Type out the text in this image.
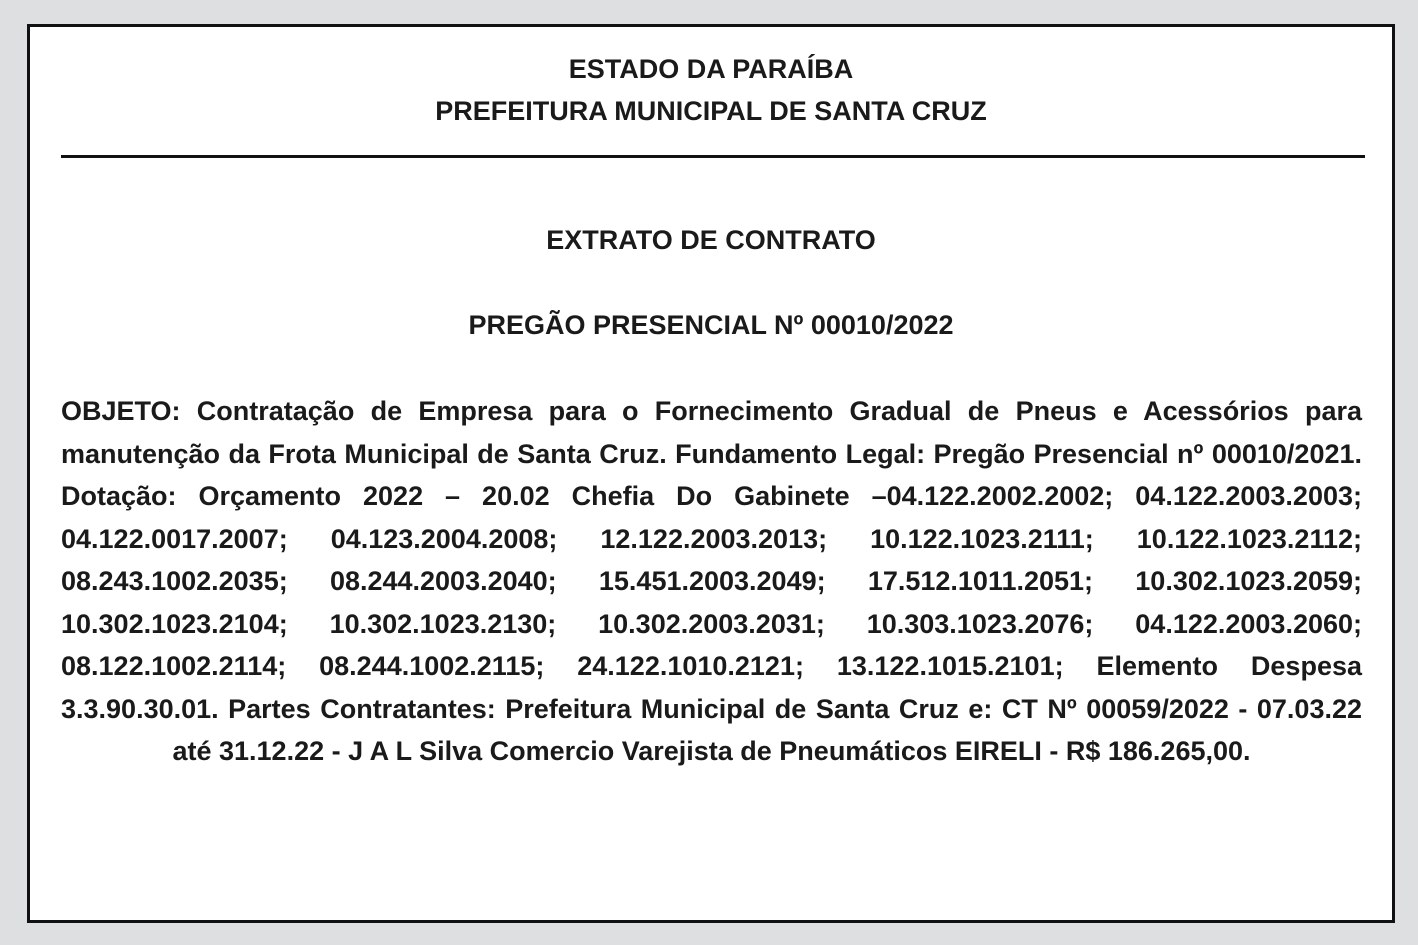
ESTADO DA PARAÍBA
PREFEITURA MUNICIPAL DE SANTA CRUZ
EXTRATO DE CONTRATO
PREGÃO PRESENCIAL Nº 00010/2022

OBJETO: Contratação de Empresa para o Fornecimento Gradual de Pneus e Acessórios para manutenção da Frota Municipal de Santa Cruz. Fundamento Legal: Pregão Presencial nº 00010/2021. Dotação: Orçamento 2022 – 20.02 Chefia Do Gabinete –04.122.2002.2002; 04.122.2003.2003; 04.122.0017.2007; 04.123.2004.2008; 12.122.2003.2013; 10.122.1023.2111; 10.122.1023.2112; 08.243.1002.2035; 08.244.2003.2040; 15.451.2003.2049; 17.512.1011.2051; 10.302.1023.2059; 10.302.1023.2104; 10.302.1023.2130; 10.302.2003.2031; 10.303.1023.2076; 04.122.2003.2060; 08.122.1002.2114; 08.244.1002.2115; 24.122.1010.2121; 13.122.1015.2101; Elemento Despesa 3.3.90.30.01. Partes Contratantes: Prefeitura Municipal de Santa Cruz e: CT Nº 00059/2022 - 07.03.22 até 31.12.22 - J A L Silva Comercio Varejista de Pneumáticos EIRELI - R$ 186.265,00.
